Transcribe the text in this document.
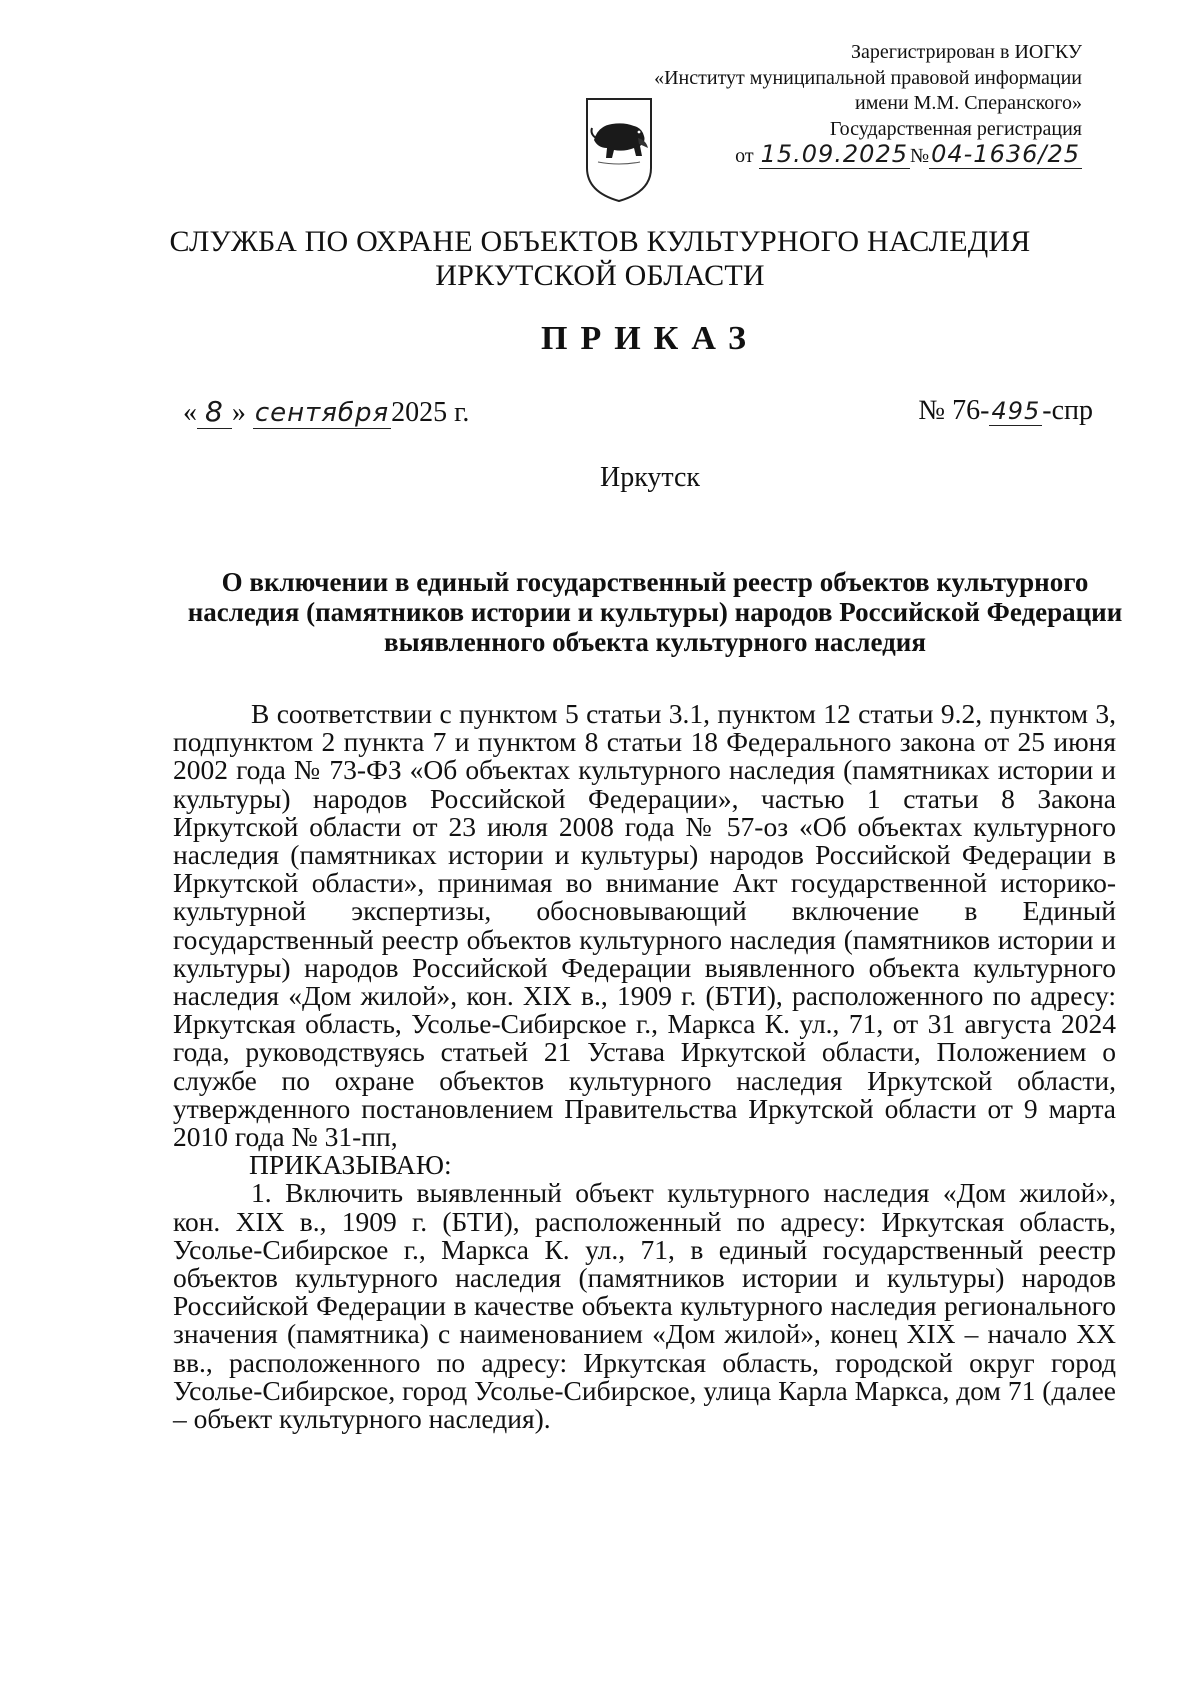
Зарегистрирован в ИОГКУ
«Институт муниципальной правовой информации
имени М.М. Сперанского»
Государственная регистрация
от 15.09.2025 №04-1636/25
СЛУЖБА ПО ОХРАНЕ ОБЪЕКТОВ КУЛЬТУРНОГО НАСЛЕДИЯ
ИРКУТСКОЙ ОБЛАСТИ
ПРИКАЗ
« 8 » сентября2025 г.	№ 76-495-спр
Иркутск
О включении в единый государственный реестр объектов культурного наследия (памятников истории и культуры) народов Российской Федерации выявленного объекта культурного наследия

В соответствии с пунктом 5 статьи 3.1, пунктом 12 статьи 9.2, пунктом 3, подпунктом 2 пункта 7 и пунктом 8 статьи 18 Федерального закона от 25 июня 2002 года № 73-ФЗ «Об объектах культурного наследия (памятниках истории и культуры) народов Российской Федерации», частью 1 статьи 8 Закона Иркутской области от 23 июля 2008 года № 57-оз «Об объектах культурного наследия (памятниках истории и культуры) народов Российской Федерации в Иркутской области», принимая во внимание Акт государственной историко-культурной экспертизы, обосновывающий включение в Единый государственный реестр объектов культурного наследия (памятников истории и культуры) народов Российской Федерации выявленного объекта культурного наследия «Дом жилой», кон. XIX в., 1909 г. (БТИ), расположенного по адресу: Иркутская область, Усолье-Сибирское г., Маркса К. ул., 71, от 31 августа 2024 года, руководствуясь статьей 21 Устава Иркутской области, Положением о службе по охране объектов культурного наследия Иркутской области, утвержденного постановлением Правительства Иркутской области от 9 марта 2010 года № 31-пп,

ПРИКАЗЫВАЮ:

1. Включить выявленный объект культурного наследия «Дом жилой», кон. XIX в., 1909 г. (БТИ), расположенный по адресу: Иркутская область, Усолье-Сибирское г., Маркса К. ул., 71, в единый государственный реестр объектов культурного наследия (памятников истории и культуры) народов Российской Федерации в качестве объекта культурного наследия регионального значения (памятника) с наименованием «Дом жилой», конец XIX – начало XX вв., расположенного по адресу: Иркутская область, городской округ город Усолье-Сибирское, город Усолье-Сибирское, улица Карла Маркса, дом 71 (далее – объект культурного наследия).
